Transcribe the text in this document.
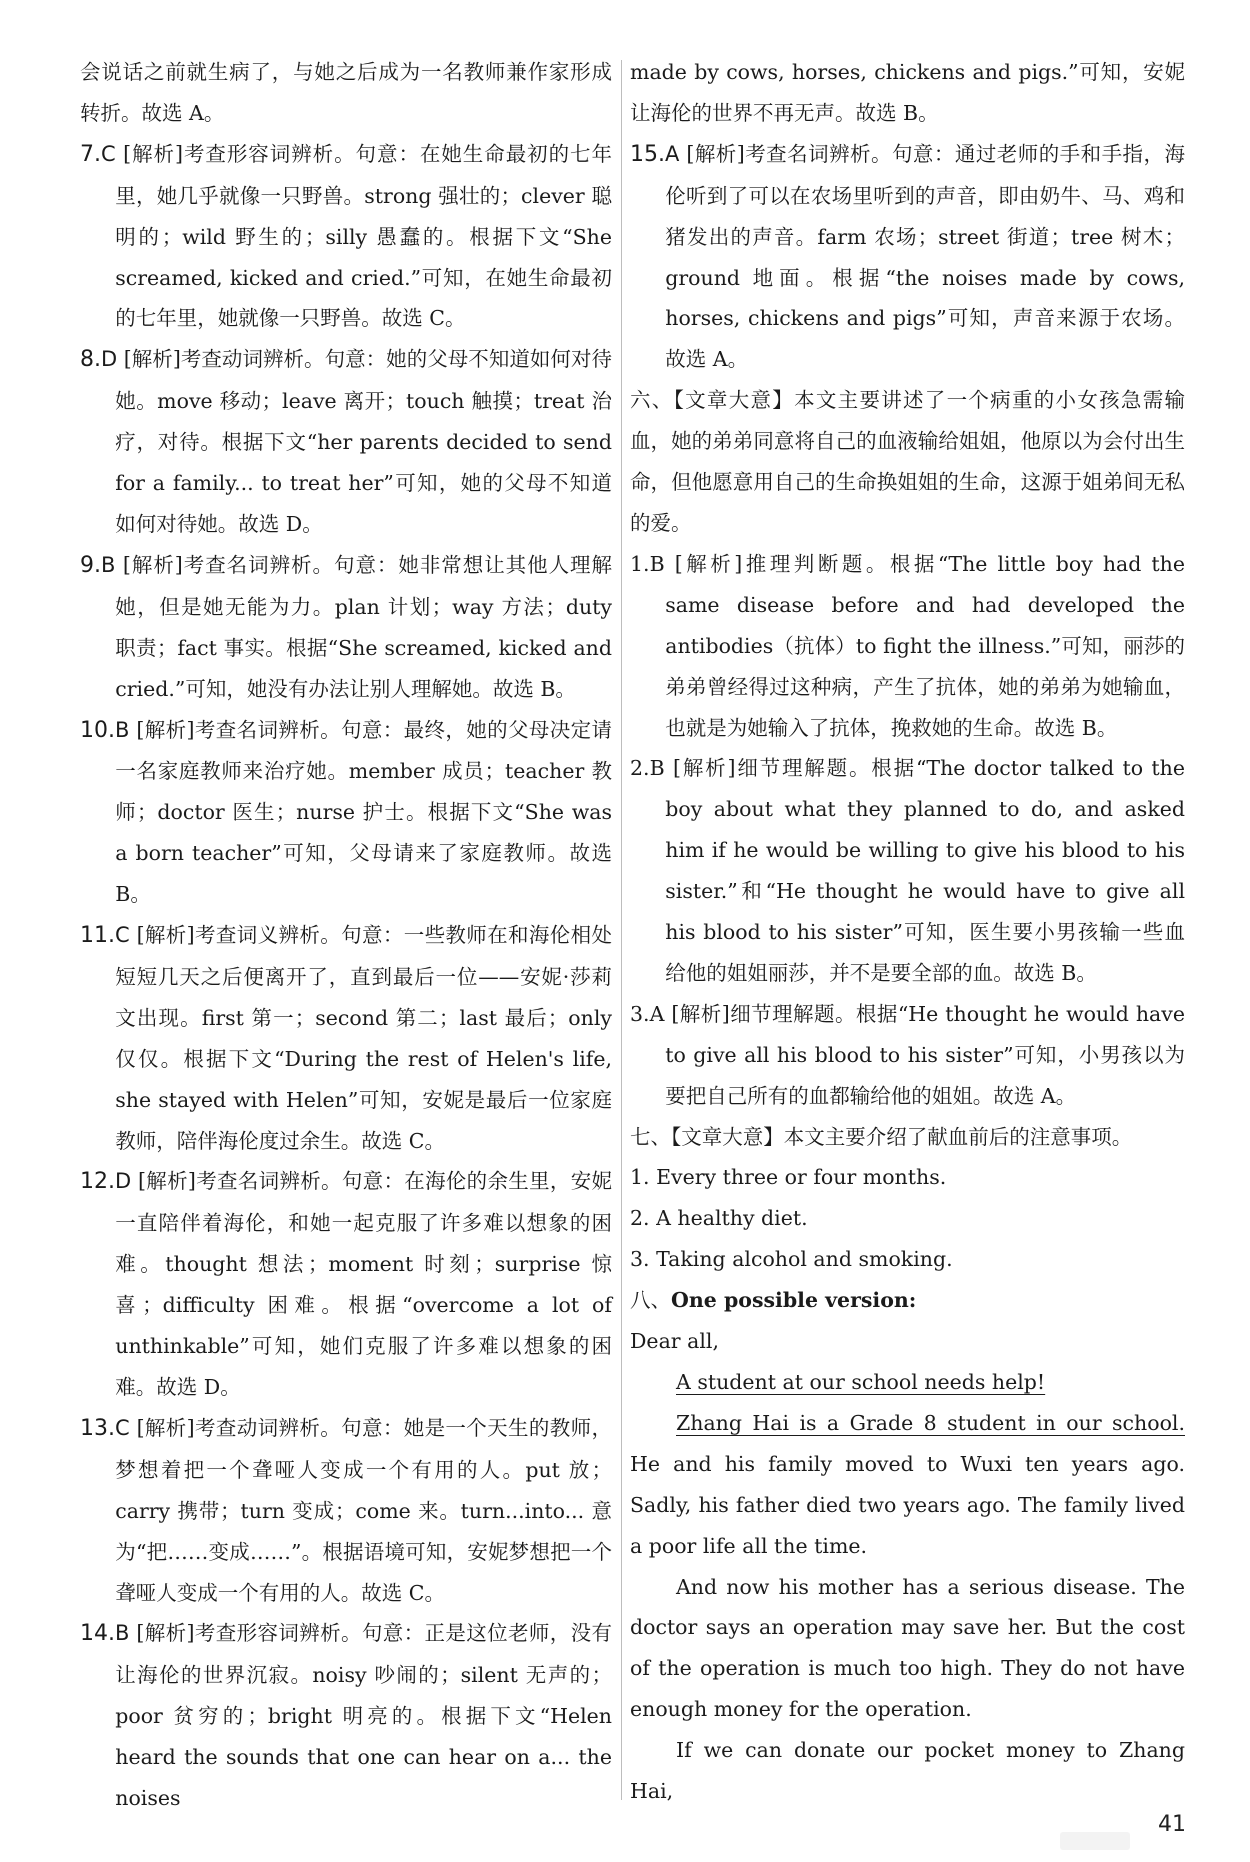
会说话之前就生病了，与她之后成为一名教师兼作家形成转折。故选 A。

7.C [解析]考查形容词辨析。句意：在她生命最初的七年里，她几乎就像一只野兽。strong 强壮的；clever 聪明的；wild 野生的；silly 愚蠢的。根据下文“She screamed, kicked and cried.”可知，在她生命最初的七年里，她就像一只野兽。故选 C。

8.D [解析]考查动词辨析。句意：她的父母不知道如何对待她。move 移动；leave 离开；touch 触摸；treat 治疗，对待。根据下文“her parents decided to send for a family... to treat her”可知，她的父母不知道如何对待她。故选 D。

9.B [解析]考查名词辨析。句意：她非常想让其他人理解她，但是她无能为力。plan 计划；way 方法；duty 职责；fact 事实。根据“She screamed, kicked and cried.”可知，她没有办法让别人理解她。故选 B。

10.B [解析]考查名词辨析。句意：最终，她的父母决定请一名家庭教师来治疗她。member 成员；teacher 教师；doctor 医生；nurse 护士。根据下文“She was a born teacher”可知，父母请来了家庭教师。故选 B。

11.C [解析]考查词义辨析。句意：一些教师在和海伦相处短短几天之后便离开了，直到最后一位——安妮·莎莉文出现。first 第一；second 第二；last 最后；only 仅仅。根据下文“During the rest of Helen's life, she stayed with Helen”可知，安妮是最后一位家庭教师，陪伴海伦度过余生。故选 C。

12.D [解析]考查名词辨析。句意：在海伦的余生里，安妮一直陪伴着海伦，和她一起克服了许多难以想象的困难。thought 想法；moment 时刻；surprise 惊喜；difficulty 困难。根据“overcome a lot of unthinkable”可知，她们克服了许多难以想象的困难。故选 D。

13.C [解析]考查动词辨析。句意：她是一个天生的教师，梦想着把一个聋哑人变成一个有用的人。put 放；carry 携带；turn 变成；come 来。turn...into... 意为“把……变成……”。根据语境可知，安妮梦想把一个聋哑人变成一个有用的人。故选 C。

14.B [解析]考查形容词辨析。句意：正是这位老师，没有让海伦的世界沉寂。noisy 吵闹的；silent 无声的；poor 贫穷的；bright 明亮的。根据下文“Helen heard the sounds that one can hear on a... the noises

made by cows, horses, chickens and pigs.”可知，安妮让海伦的世界不再无声。故选 B。

15.A [解析]考查名词辨析。句意：通过老师的手和手指，海伦听到了可以在农场里听到的声音，即由奶牛、马、鸡和猪发出的声音。farm 农场；street 街道；tree 树木；ground 地面。根据“the noises made by cows, horses, chickens and pigs”可知，声音来源于农场。故选 A。

六、【文章大意】本文主要讲述了一个病重的小女孩急需输血，她的弟弟同意将自己的血液输给姐姐，他原以为会付出生命，但他愿意用自己的生命换姐姐的生命，这源于姐弟间无私的爱。

1.B [解析]推理判断题。根据“The little boy had the same disease before and had developed the antibodies（抗体）to fight the illness.”可知，丽莎的弟弟曾经得过这种病，产生了抗体，她的弟弟为她输血，也就是为她输入了抗体，挽救她的生命。故选 B。

2.B [解析]细节理解题。根据“The doctor talked to the boy about what they planned to do, and asked him if he would be willing to give his blood to his sister.”和“He thought he would have to give all his blood to his sister”可知，医生要小男孩输一些血给他的姐姐丽莎，并不是要全部的血。故选 B。

3.A [解析]细节理解题。根据“He thought he would have to give all his blood to his sister”可知，小男孩以为要把自己所有的血都输给他的姐姐。故选 A。

七、【文章大意】本文主要介绍了献血前后的注意事项。

1. Every three or four months.

2. A healthy diet.

3. Taking alcohol and smoking.

八、One possible version:

Dear all,

A student at our school needs help!

Zhang Hai is a Grade 8 student in our school. He and his family moved to Wuxi ten years ago. Sadly, his father died two years ago. The family lived a poor life all the time.

And now his mother has a serious disease. The doctor says an operation may save her. But the cost of the operation is much too high. They do not have enough money for the operation.

If we can donate our pocket money to Zhang Hai,

41
